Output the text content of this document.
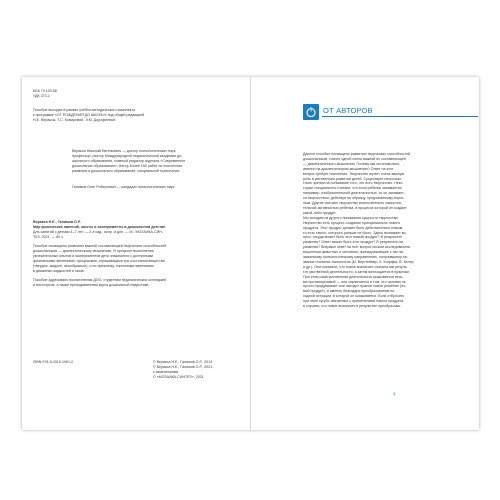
ББК 74.100.58
УДК 373.2
Пособие выходит в рамках учебно-методического комплекта
к программе «ОТ РОЖДЕНИЯ ДО ШКОЛЫ» под общей редакцией
Н.Е. Вераксы, Т.С. Комаровой, Э.М. Дорофеевой.
Веракса Николай Евгеньевич — доктор психологических наук,
профессор, ректор Международной педагогической академии до-
школьного образования, главный редактор журнала «Современное
дошкольное образование». Автор более 150 работ по психологии
развития и дошкольного образования, специальной психологии.
Галимов Олег Робертович — кандидат психологических наук.
Веракса Н.Е., Галимов О.Р.
Мир физических явлений, опыты и эксперименты в дошкольном детстве.
Для занятий с детьми 4–7 лет. — 2-е изд., испр. и доп. — М.: МОЗАИКА-СИН-
ТЕЗ, 2021. — 80 с.
Пособие посвящено развитию важной составляющей творческих способностей
дошкольников — диалектическому мышлению. В процессе выполнения
увлекательных опытов и экспериментов дети знакомятся с доступными
физическими явлениями, процессами, отражающими три состояния вещества
(твердое, жидкое, газообразное), и по-прежнему, типичными явлениями
в движении жидкостей и газов.
Пособие адресовано воспитателям ДОО, студентам педагогических колледжей
и институтов, а также преподавателям курса дошкольной педагогики.
ISBN 978-5-4315-1961-0	© Веракса Н.Е., Галимов О.Р., 2014
© Веракса Н.Е., Галимов О.Р., 2021,
с изменениями
© «МОЗАИКА-СИНТЕЗ», 2021
ОТ АВТОРОВ
Данное пособие посвящено развитию творческих способностей
дошкольников, точнее одной очень важной их составляющей
— диалектического мышления. Почему мы остановились
именно на диалектическом мышлении? Ответ на этот
вопрос требует пояснения. Творчество играет очень важную
роль в умственном развитии детей. Существует несколько
точек зрения на понимание того, что есть творчество. Неко-
торые специалисты считают, что если ребенок занимается,
например, изобразительной деятельностью, то он занимает-
ся творчеством, действуя по образцу, предлагаемому взрос-
лым. Другие считают творчество исключительно самостоя-
тельной активностью ребенка, в процессе которой он создает
какой-либо продукт.
Мы исходим из другого понимания сущности творчества:
творчество есть процесс создания принципиально нового
продукта. Этот продукт должен быть действительно новым,
то есть такого, которого раньше не было. Здесь возникает во-
прос: откуда может быть этот новый продукт? В результате
развития? Ответ может быть этот продукт? В результате-ли
развития? Впервые ответ на этот вопрос искали исследователи
мышления животных и человека, принадлежавшие к так на-
зываемому психологическому направлению, получившему на-
звание гештальт-психология (М. Вертгеймер, К. Коффка, В. Келер
и др.). Они показали, что новое возникает сначала как резуль-
тат умственной деятельности, а затем воплощается в практике.
При этом сама умственная деятельность оказывается весь-
ма противоречивой — она заключается в том, что человек не
просто придумывает или находит нужное новое решение (но-
вый продукт), а именно благодаря преобразованию ис-
ходной ситуации, в которой он оказывается. Если отбросить
при этом сугубо связанные с применением нового продукта
в случаях, что новое возникает в результате преобразова-
3
